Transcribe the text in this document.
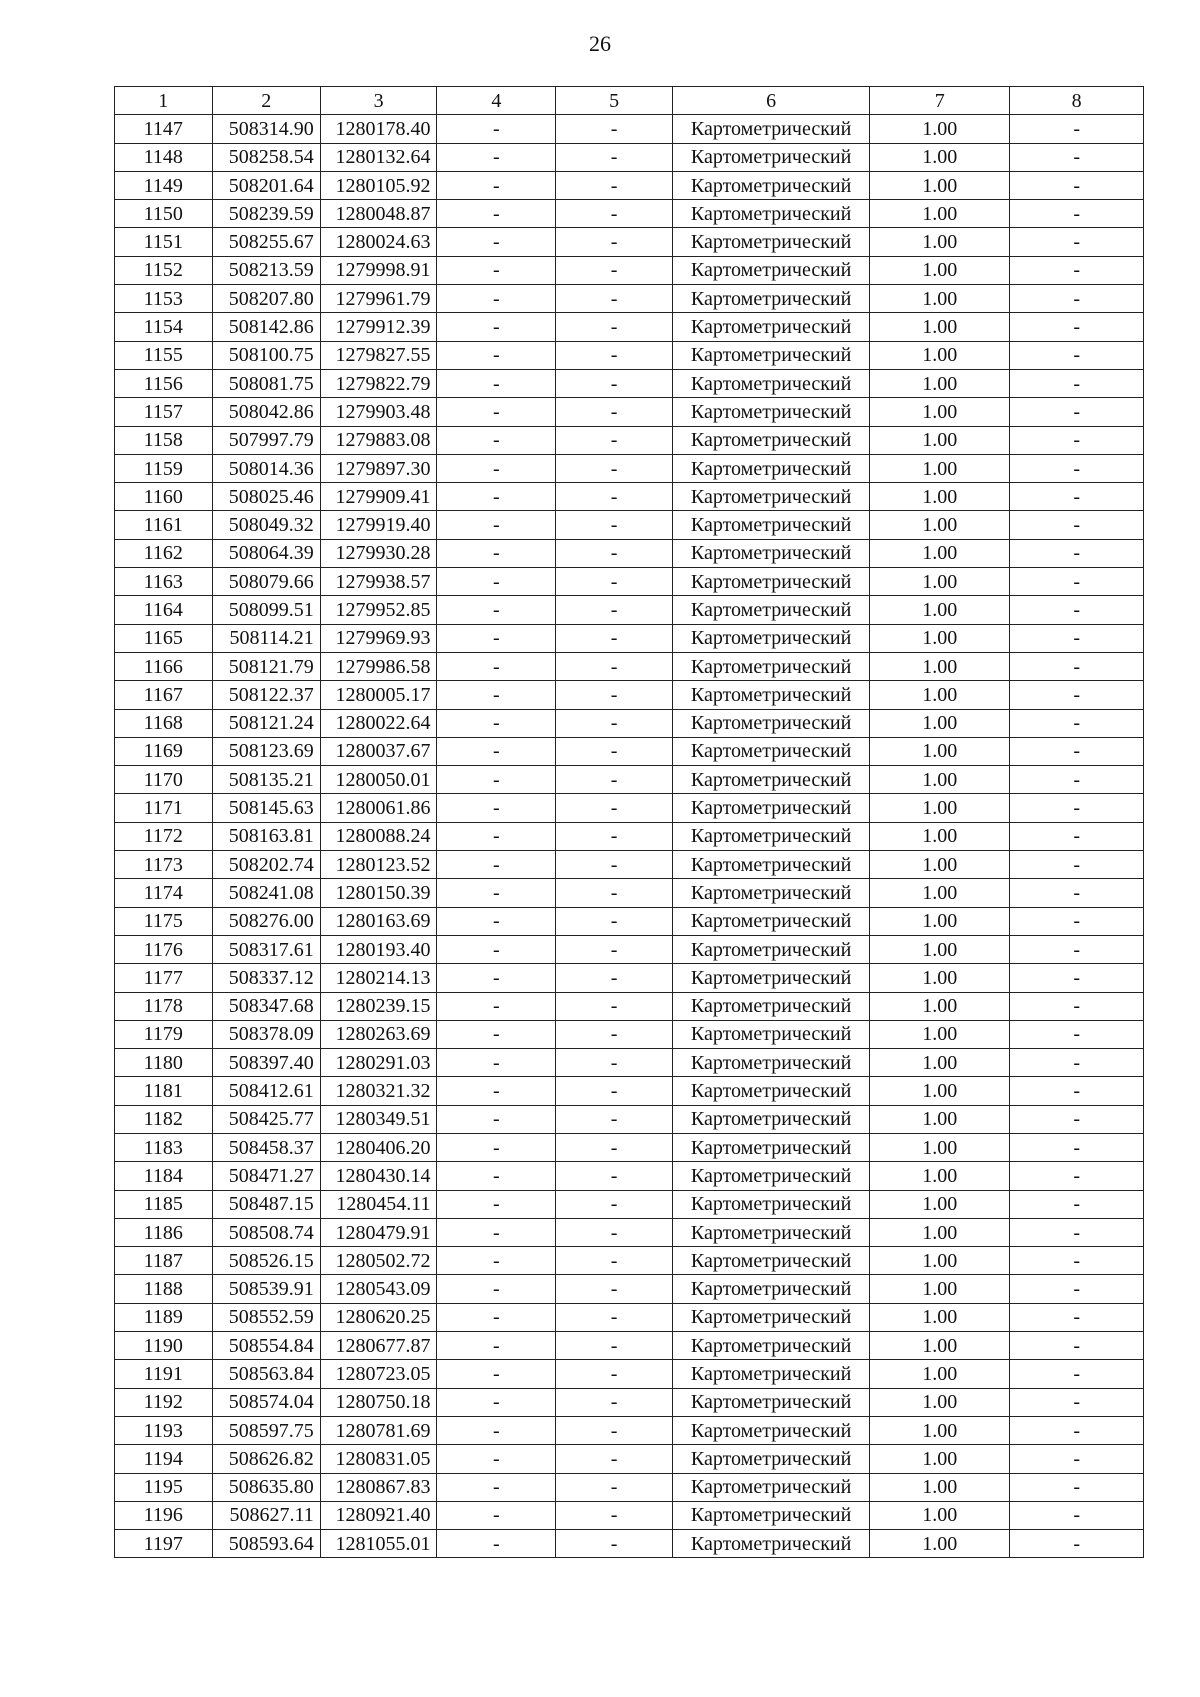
26
1	2	3	4	5	6	7	8
1147	508314.90	1280178.40	-	-	Картометрический	1.00	-
1148	508258.54	1280132.64	-	-	Картометрический	1.00	-
1149	508201.64	1280105.92	-	-	Картометрический	1.00	-
1150	508239.59	1280048.87	-	-	Картометрический	1.00	-
1151	508255.67	1280024.63	-	-	Картометрический	1.00	-
1152	508213.59	1279998.91	-	-	Картометрический	1.00	-
1153	508207.80	1279961.79	-	-	Картометрический	1.00	-
1154	508142.86	1279912.39	-	-	Картометрический	1.00	-
1155	508100.75	1279827.55	-	-	Картометрический	1.00	-
1156	508081.75	1279822.79	-	-	Картометрический	1.00	-
1157	508042.86	1279903.48	-	-	Картометрический	1.00	-
1158	507997.79	1279883.08	-	-	Картометрический	1.00	-
1159	508014.36	1279897.30	-	-	Картометрический	1.00	-
1160	508025.46	1279909.41	-	-	Картометрический	1.00	-
1161	508049.32	1279919.40	-	-	Картометрический	1.00	-
1162	508064.39	1279930.28	-	-	Картометрический	1.00	-
1163	508079.66	1279938.57	-	-	Картометрический	1.00	-
1164	508099.51	1279952.85	-	-	Картометрический	1.00	-
1165	508114.21	1279969.93	-	-	Картометрический	1.00	-
1166	508121.79	1279986.58	-	-	Картометрический	1.00	-
1167	508122.37	1280005.17	-	-	Картометрический	1.00	-
1168	508121.24	1280022.64	-	-	Картометрический	1.00	-
1169	508123.69	1280037.67	-	-	Картометрический	1.00	-
1170	508135.21	1280050.01	-	-	Картометрический	1.00	-
1171	508145.63	1280061.86	-	-	Картометрический	1.00	-
1172	508163.81	1280088.24	-	-	Картометрический	1.00	-
1173	508202.74	1280123.52	-	-	Картометрический	1.00	-
1174	508241.08	1280150.39	-	-	Картометрический	1.00	-
1175	508276.00	1280163.69	-	-	Картометрический	1.00	-
1176	508317.61	1280193.40	-	-	Картометрический	1.00	-
1177	508337.12	1280214.13	-	-	Картометрический	1.00	-
1178	508347.68	1280239.15	-	-	Картометрический	1.00	-
1179	508378.09	1280263.69	-	-	Картометрический	1.00	-
1180	508397.40	1280291.03	-	-	Картометрический	1.00	-
1181	508412.61	1280321.32	-	-	Картометрический	1.00	-
1182	508425.77	1280349.51	-	-	Картометрический	1.00	-
1183	508458.37	1280406.20	-	-	Картометрический	1.00	-
1184	508471.27	1280430.14	-	-	Картометрический	1.00	-
1185	508487.15	1280454.11	-	-	Картометрический	1.00	-
1186	508508.74	1280479.91	-	-	Картометрический	1.00	-
1187	508526.15	1280502.72	-	-	Картометрический	1.00	-
1188	508539.91	1280543.09	-	-	Картометрический	1.00	-
1189	508552.59	1280620.25	-	-	Картометрический	1.00	-
1190	508554.84	1280677.87	-	-	Картометрический	1.00	-
1191	508563.84	1280723.05	-	-	Картометрический	1.00	-
1192	508574.04	1280750.18	-	-	Картометрический	1.00	-
1193	508597.75	1280781.69	-	-	Картометрический	1.00	-
1194	508626.82	1280831.05	-	-	Картометрический	1.00	-
1195	508635.80	1280867.83	-	-	Картометрический	1.00	-
1196	508627.11	1280921.40	-	-	Картометрический	1.00	-
1197	508593.64	1281055.01	-	-	Картометрический	1.00	-
